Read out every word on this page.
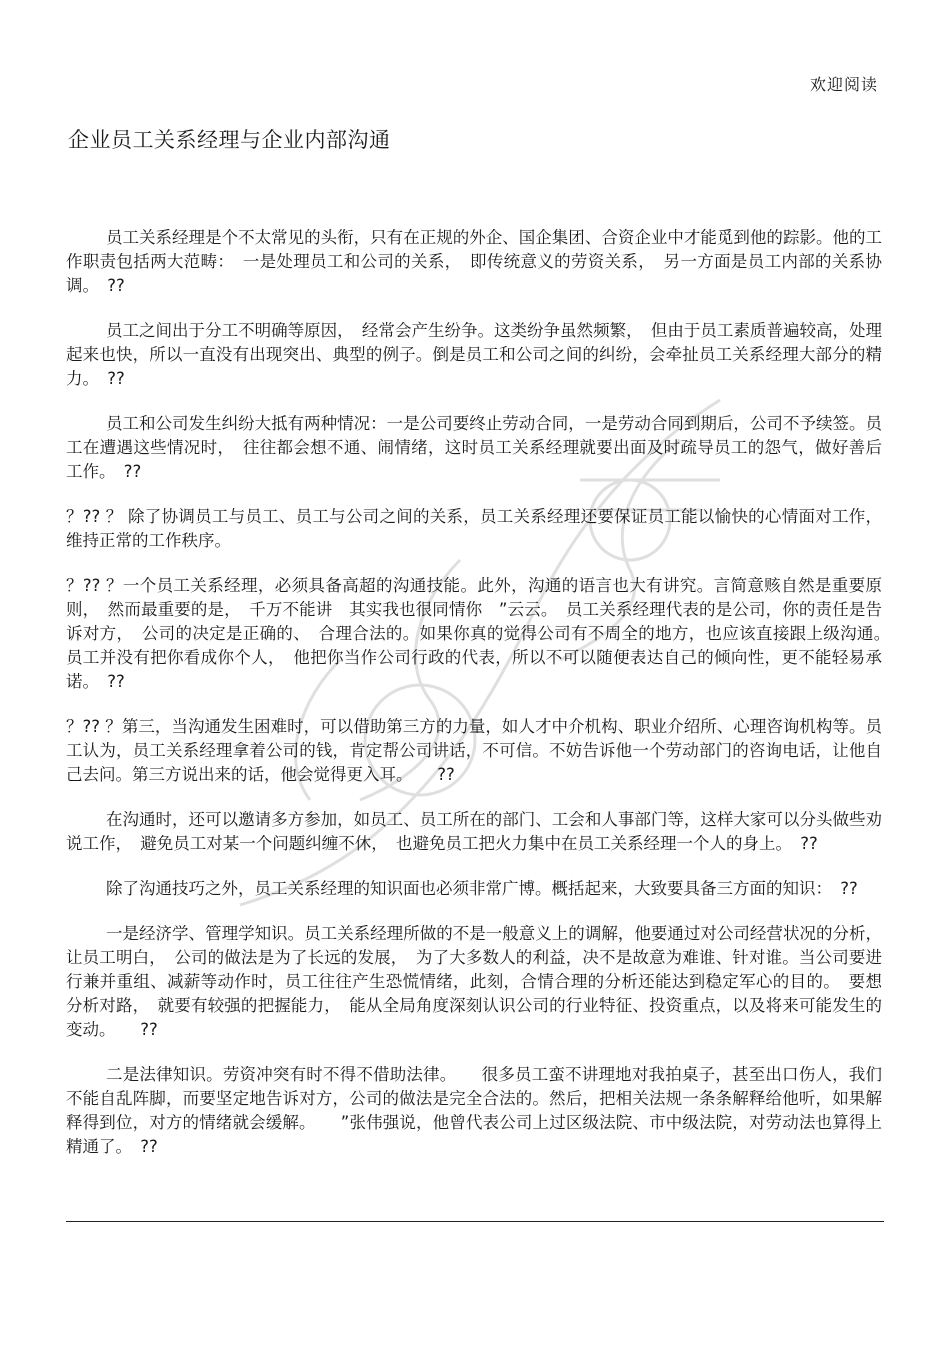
欢迎阅读
企业员工关系经理与企业内部沟通

员工关系经理是个不太常见的头衔，只有在正规的外企、国企集团、合资企业中才能觅到他的踪影。他的工作职责包括两大范畴：　一是处理员工和公司的关系，　即传统意义的劳资关系，　另一方面是员工内部的关系协调。　??

员工之间出于分工不明确等原因，　经常会产生纷争。这类纷争虽然频繁，　但由于员工素质普遍较高，处理起来也快，所以一直没有出现突出、典型的例子。倒是员工和公司之间的纠纷，会牵扯员工关系经理大部分的精力。　??

员工和公司发生纠纷大抵有两种情况：一是公司要终止劳动合同，一是劳动合同到期后，公司不予续签。员工在遭遇这些情况时，　往往都会想不通、闹情绪，这时员工关系经理就要出面及时疏导员工的怨气，做好善后工作。　??

？?? ？ 除了协调员工与员工、员工与公司之间的关系，员工关系经理还要保证员工能以愉快的心情面对工作，维持正常的工作秩序。

？?? ？一个员工关系经理，必须具备高超的沟通技能。此外，沟通的语言也大有讲究。言简意赅自然是重要原则，　然而最重要的是，　千万不能讲　其实我也很同情你　”云云。　员工关系经理代表的是公司，你的责任是告诉对方，　公司的决定是正确的、　合理合法的。如果你真的觉得公司有不周全的地方，也应该直接跟上级沟通。　员工并没有把你看成你个人，　他把你当作公司行政的代表，所以不可以随便表达自己的倾向性，更不能轻易承诺。　??

？?? ？第三，当沟通发生困难时，可以借助第三方的力量，如人才中介机构、职业介绍所、心理咨询机构等。员工认为，员工关系经理拿着公司的钱，肯定帮公司讲话，不可信。不妨告诉他一个劳动部门的咨询电话，让他自己去问。第三方说出来的话，他会觉得更入耳。　　??

在沟通时，还可以邀请多方参加，如员工、员工所在的部门、工会和人事部门等，这样大家可以分头做些劝说工作，　避免员工对某一个问题纠缠不休，　也避免员工把火力集中在员工关系经理一个人的身上。　??

除了沟通技巧之外，员工关系经理的知识面也必须非常广博。概括起来，大致要具备三方面的知识：　??

一是经济学、管理学知识。员工关系经理所做的不是一般意义上的调解，他要通过对公司经营状况的分析，让员工明白，　公司的做法是为了长远的发展，　为了大多数人的利益，决不是故意为难谁、针对谁。当公司要进行兼并重组、减薪等动作时，员工往往产生恐慌情绪，此刻，合情合理的分析还能达到稳定军心的目的。　要想分析对路，　就要有较强的把握能力，　能从全局角度深刻认识公司的行业特征、投资重点，以及将来可能发生的变动。　　??

二是法律知识。劳资冲突有时不得不借助法律。　　很多员工蛮不讲理地对我拍桌子，甚至出口伤人，我们不能自乱阵脚，而要坚定地告诉对方，公司的做法是完全合法的。然后，把相关法规一条条解释给他听，如果解释得到位，对方的情绪就会缓解。　　”张伟强说，他曾代表公司上过区级法院、市中级法院，对劳动法也算得上精通了。　??
